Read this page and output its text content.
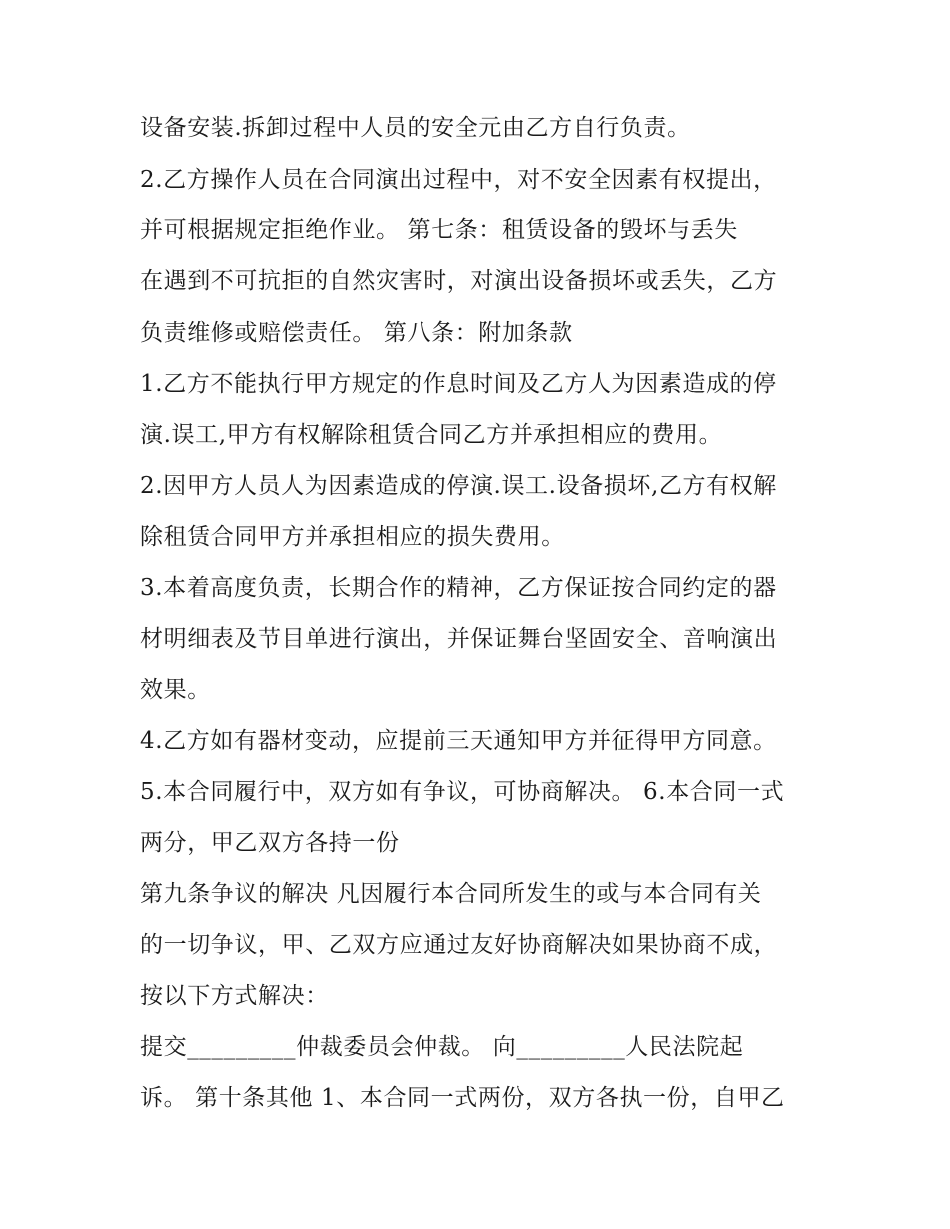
设备安装.拆卸过程中人员的安全元由乙方自行负责。
2.乙方操作人员在合同演出过程中，对不安全因素有权提出，
并可根据规定拒绝作业。 第七条：租赁设备的毁坏与丢失
在遇到不可抗拒的自然灾害时，对演出设备损坏或丢失，乙方
负责维修或赔偿责任。 第八条：附加条款
1.乙方不能执行甲方规定的作息时间及乙方人为因素造成的停
演.误工,甲方有权解除租赁合同乙方并承担相应的费用。
2.因甲方人员人为因素造成的停演.误工.设备损坏,乙方有权解
除租赁合同甲方并承担相应的损失费用。
3.本着高度负责，长期合作的精神，乙方保证按合同约定的器
材明细表及节目单进行演出，并保证舞台坚固安全、音响演出
效果。
4.乙方如有器材变动，应提前三天通知甲方并征得甲方同意。
5.本合同履行中，双方如有争议，可协商解决。 6.本合同一式
两分，甲乙双方各持一份
第九条争议的解决 凡因履行本合同所发生的或与本合同有关
的一切争议，甲、乙双方应通过友好协商解决如果协商不成，
按以下方式解决：
提交_________仲裁委员会仲裁。 向_________人民法院起
诉。 第十条其他 1、本合同一式两份，双方各执一份，自甲乙
